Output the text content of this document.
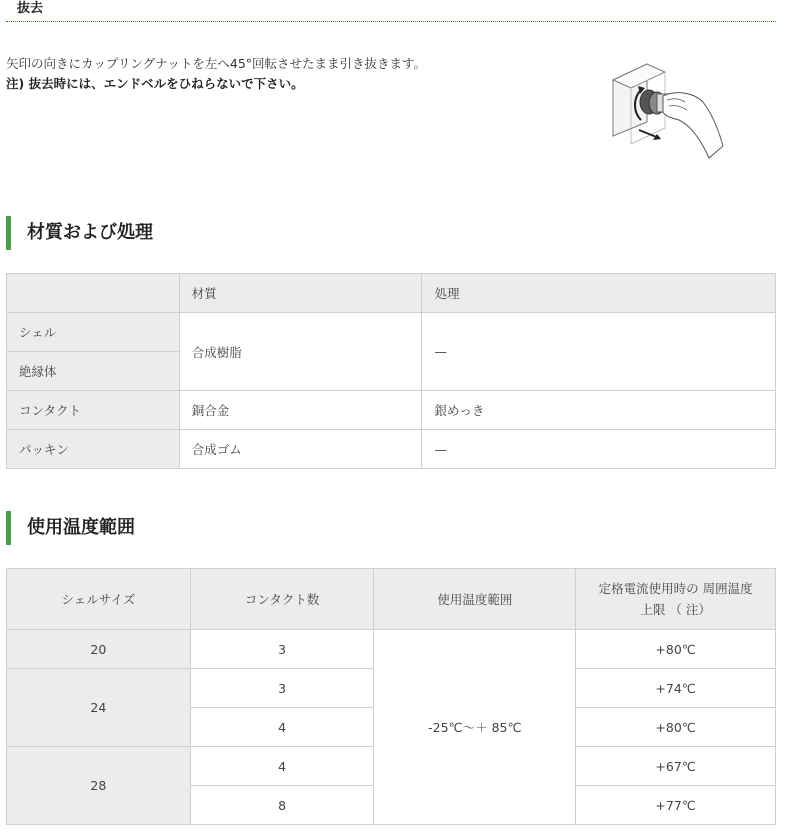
抜去
矢印の向きにカップリングナットを左へ45°回転させたまま引き抜きます。
注) 抜去時には、エンドベルをひねらないで下さい。
材質および処理
	材質	処理
シェル	合成樹脂	—
絶縁体		
コンタクト	銅合金	銀めっき
パッキン	合成ゴム	—
使用温度範囲
シェルサイズ	コンタクト数	使用温度範囲	定格電流使用時の 周囲温度
上限 （ 注）

20	3	-25℃～＋ 85℃	+80℃
24	3		+74℃
	4		+80℃
28	4		+67℃
	8		+77℃
